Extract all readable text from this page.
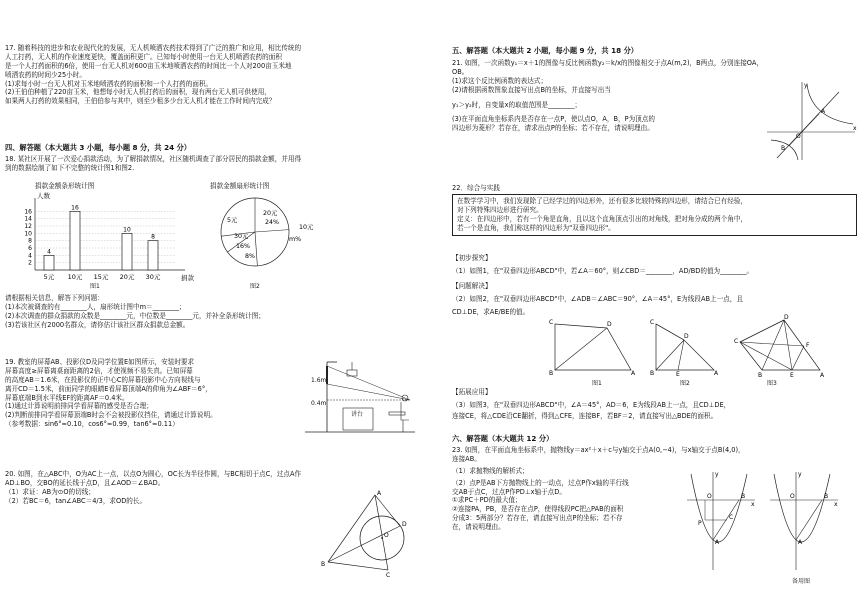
17. 随着科技的进步和农业现代化的发展，无人机喷洒农药技术得到了广泛的推广和应用，相比传统的
人工打药，无人机的作业速度更快，覆盖面积更广。已知每小时使用一台无人机喷洒农药的面积
是一个人打药面积的6倍，使用一台无人机对600亩玉米地喷洒农药的时间比一个人对200亩玉米地
喷洒农药的时间少25小时。
(1)求每小时一台无人机对玉米地喷洒农药的面积和一个人打药的面积。
(2)王伯伯种植了220亩玉米，他想每小时无人机打药后的面积，现有两台无人机可供使用，
如果两人打药的效果相同，王伯伯参与其中，则至少租多少台无人机才能在工作时间内完成？
四、解答题（本大题共 3 小题，每小题 8 分，共 24 分）
18. 某社区开展了一次爱心捐款活动，为了解捐款情况，社区随机调查了部分居民的捐款金额，并用得
到的数据绘制了如下不完整的统计图1和图2.
捐款金额条形统计图	捐款金额扇形统计图
2
4
6
8
10
12
14
16
人数
捐款
4
5元
16
10元 15元
10
20元
8
30元
图1
20元
24%
10元
m%
16%
8%
30元
5元
图2
请根据相关信息，解答下列问题：
(1)本次被调查的有________人，扇形统计图中m＝________；
(2)本次调查的群众捐款的众数是________元，中位数是________元，并补全条形统计图；
(3)若该社区有2000名群众，请你估计该社区群众捐款总金额。
19. 教室的屏幕AB、投影仪D及同学位置E如图所示，安装时要求
屏幕高度≥屏幕离桌面距离的2倍，才使视频不易失真。已知屏幕
的高度AB＝1.6米，在投影仪的正中心C的屏幕投影中心方向视线与
离开CD＝1.5米，前面同学的眼睛E看屏幕顶端A的仰角为∠ABF＝6°，
屏幕底端B到水平线EF的距离AF＝0.4米。
(1)通过计算说明前排同学看屏幕的感受是否合理；
(2)判断前排同学看屏幕顶端B时会不会被投影仪挡住，请通过计算说明。
（参考数据：sin6°≈0.10，cos6°≈0.99，tan6°≈0.11）
1.6m
0.4m
讲台
20. 如图，在△ABC中，O为AC上一点，以点O为圆心，OC长为半径作圆，与BC相切于点C，过点A作
AD⊥BO，交BO的延长线于点D，且∠AOD＝∠BAD。
（1）求证：AB为⊙O的切线；
（2）若BC＝6，tan∠ABC＝4/3，求OD的长。
A
B
C
D
O
五、解答题（本大题共 2 小题，每小题 9 分，共 18 分）
21. 如图，一次函数y₁＝x＋1的图像与反比例函数y₂＝k/x的图像相交于点A(m,2)，B两点，分别连接OA，
OB。
(1)求这个反比例函数的表达式；
(2)请根据函数图象直接写出点B的坐标，并直接写出当
y₁＞y₂时，自变量x的取值范围是________；
(3)在平面直角坐标系内是否存在一点P，使以点O，A，B，P为顶点的
四边形为菱形？若存在，请求出点P的坐标；若不存在，请说明理由。
A
B
O
x
y
22．综合与实践
在数学学习中，我们发现除了已经学过的四边形外，还有很多比较特殊的四边形，请结合已有经验，
对下列特殊四边形进行研究。
定义：在四边形中，若有一个角是直角，且以这个直角顶点引出的对角线，把对角分成的两个角中，
若一个是直角，我们称这样的四边形为"双垂四边形"。
【初步探究】
（1）如图1，在"双垂四边形ABCD"中，若∠A＝60°，则∠CBD＝________，AD/BD的值为________。
【问题解决】
（2）如图2，在"双垂四边形ABCD"中，∠ADB＝∠ABC＝90°，∠A＝45°，E为线段AB上一点，且
CD⊥DE，求AE/BE的值。
C
B	A
D	C
B	A
D
E
C
B	A
D
E
F
图1	图2	图3
【拓展应用】
（3）如图3，在"双垂四边形ABCD"中，∠A＝45°，AD＝6，E为线段AB上一点，且CD⊥DE，
连接CE，将△CDE沿CE翻折，得到△CFE，连接BF，若BF＝2，请直接写出△BDE的面积。
六、解答题（本大题共 12 分）
23. 如图，在平面直角坐标系中，抛物线y＝ax²＋x＋c与y轴交于点A(0,−4)，与x轴交于点B(4,0)，
连接AB。
（1）求抛物线的解析式；
（2）点P是AB下方抛物线上的一动点，过点P作x轴的平行线
交AB于点C，过点P作PD⊥x轴于点D。
①求PC＋PD的最大值；
②连接PA，PB，是否存在点P，使得线段PC把△PAB的面积
分成3：5两部分？若存在，请直接写出点P的坐标；若不存
在，请说明理由。
B
A
O
C
P
x
y
B
A
O
x
y
备用图
